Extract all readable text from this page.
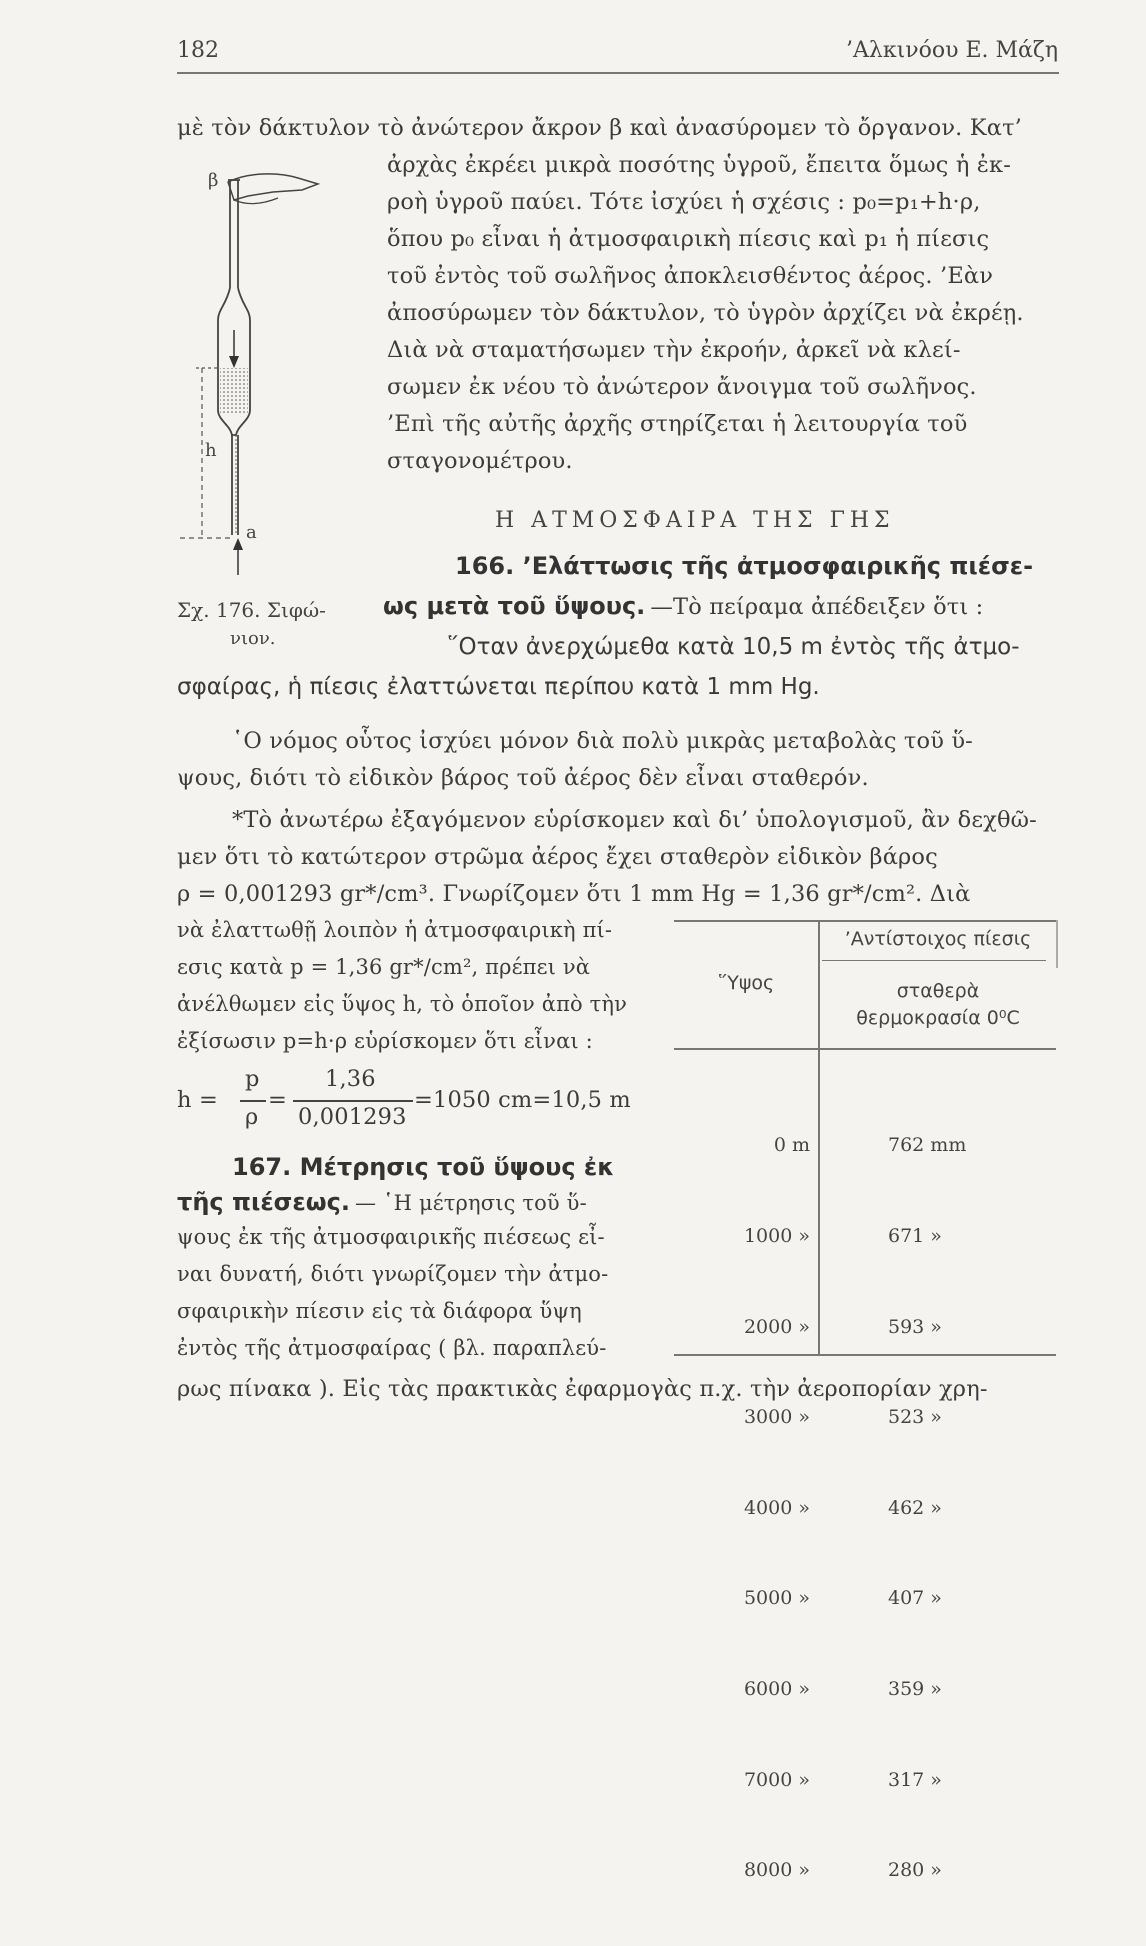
182	’Αλκινόου Ε. Μάζη
μὲ τὸν δάκτυλον τὸ ἀνώτερον ἄκρον β καὶ ἀνασύρομεν τὸ ὄργανον. Κατ’
ἀρχὰς ἐκρέει μικρὰ ποσότης ὑγροῦ, ἔπειτα ὅμως ἡ ἐκ-
ροὴ ὑγροῦ παύει. Τότε ἰσχύει ἡ σχέσις : p₀=p₁+h·ρ,
ὅπου p₀ εἶναι ἡ ἀτμοσφαιρικὴ πίεσις καὶ p₁ ἡ πίεσις
τοῦ ἐντὸς τοῦ σωλῆνος ἀποκλεισθέντος ἀέρος. ’Εὰν
ἀποσύρωμεν τὸν δάκτυλον, τὸ ὑγρὸν ἀρχίζει νὰ ἐκρέῃ.
Διὰ νὰ σταματήσωμεν τὴν ἐκροήν, ἀρκεῖ νὰ κλεί-
σωμεν ἐκ νέου τὸ ἀνώτερον ἄνοιγμα τοῦ σωλῆνος.
’Επὶ τῆς αὐτῆς ἀρχῆς στηρίζεται ἡ λειτουργία τοῦ
σταγονομέτρου.
β
h
a
Σχ. 176. Σιφώ-
νιον.
Η ΑΤΜΟΣΦΑΙΡΑ ΤΗΣ ΓΗΣ
166. ’Ελάττωσις τῆς ἀτμοσφαιρικῆς πιέσε-
ως μετὰ τοῦ ὕψους. —Τὸ πείραμα ἀπέδειξεν ὅτι :
῞Οταν ἀνερχώμεθα κατὰ 10,5 m ἐντὸς τῆς ἀτμο-
σφαίρας, ἡ πίεσις ἐλαττώνεται περίπου κατὰ 1 mm Hg.
῾Ο νόμος οὗτος ἰσχύει μόνον διὰ πολὺ μικρὰς μεταβολὰς τοῦ ὕ-
ψους, διότι τὸ εἰδικὸν βάρος τοῦ ἀέρος δὲν εἶναι σταθερόν.
*Τὸ ἀνωτέρω ἐξαγόμενον εὑρίσκομεν καὶ δι’ ὑπολογισμοῦ, ἂν δεχθῶ-
μεν ὅτι τὸ κατώτερον στρῶμα ἀέρος ἔχει σταθερὸν εἰδικὸν βάρος
ρ = 0,001293 gr*/cm³. Γνωρίζομεν ὅτι 1 mm Hg = 1,36 gr*/cm². Διὰ
νὰ ἐλαττωθῇ λοιπὸν ἡ ἀτμοσφαιρικὴ πί-
εσις κατὰ p = 1,36 gr*/cm², πρέπει νὰ
ἀνέλθωμεν εἰς ὕψος h, τὸ ὁποῖον ἀπὸ τὴν
ἐξίσωσιν p=h·ρ εὑρίσκομεν ὅτι εἶναι :
h =
p
ρ
=
1,36
0,001293
=1050 cm=10,5 m
167. Μέτρησις τοῦ ὕψους ἐκ
τῆς πιέσεως. — ῾Η μέτρησις τοῦ ὕ-
ψους ἐκ τῆς ἀτμοσφαιρικῆς πιέσεως εἶ-
ναι δυνατή, διότι γνωρίζομεν τὴν ἀτμο-
σφαιρικὴν πίεσιν εἰς τὰ διάφορα ὕψη
ἐντὸς τῆς ἀτμοσφαίρας ( βλ. παραπλεύ-
ρως πίνακα ). Εἰς τὰς πρακτικὰς ἐφαρμογὰς π.χ. τὴν ἀεροπορίαν χρη-
῞Υψος
’Αντίστοιχος πίεσις
σταθερὰ θερμοκρασία 0⁰C

0 m

1000 »

2000 »

3000 »

4000 »

5000 »

6000 »

7000 »

8000 »

762 mm

671 »

593 »

523 »

462 »

407 »

359 »

317 »

280 »
